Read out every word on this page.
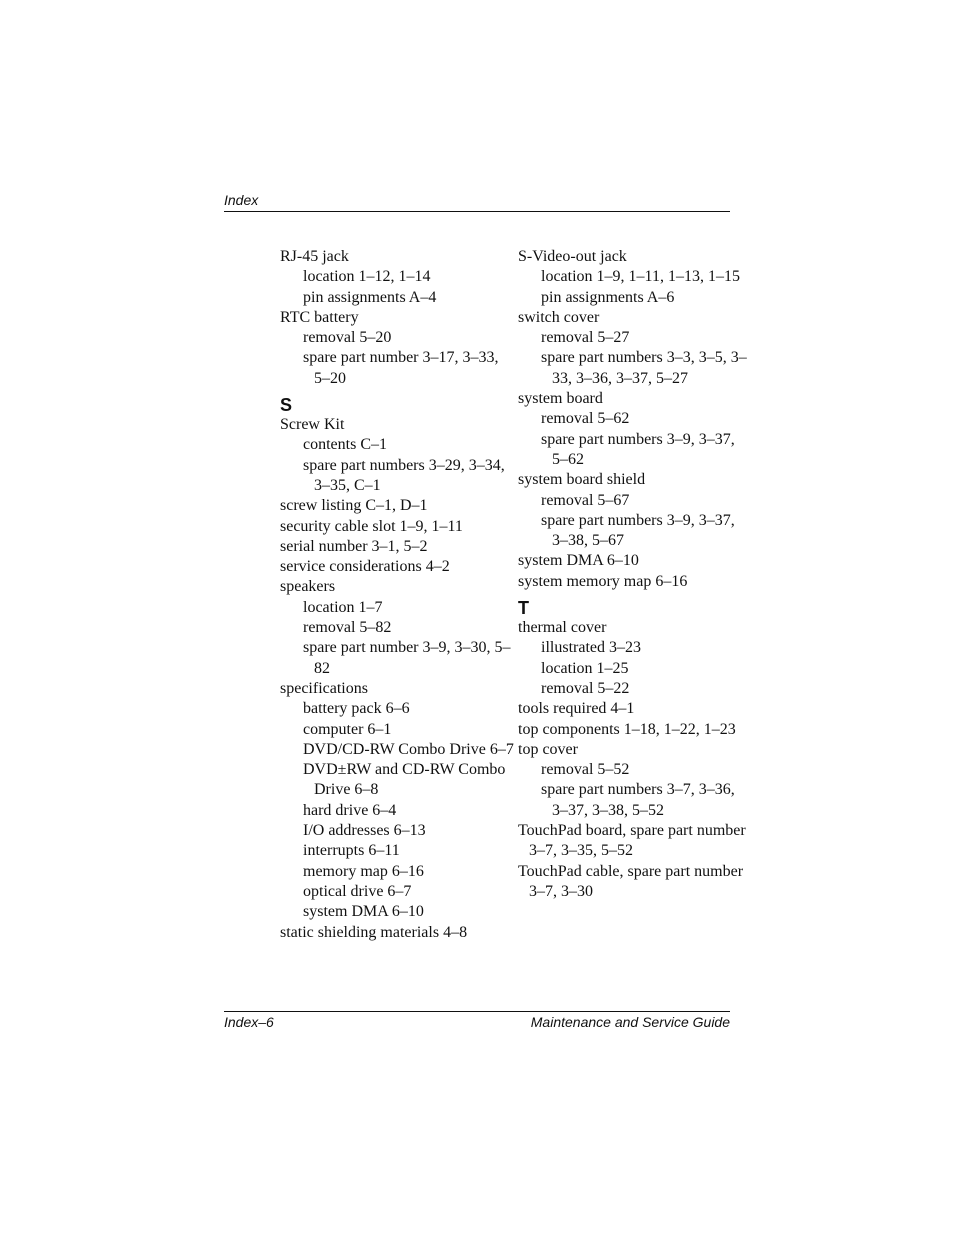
Index

RJ-45 jack

location 1–12, 1–14

pin assignments A–4

RTC battery

removal 5–20

spare part number 3–17, 3–33, 5–20

S

Screw Kit

contents C–1

spare part numbers 3–29, 3–34, 3–35, C–1

screw listing C–1, D–1

security cable slot 1–9, 1–11

serial number 3–1, 5–2

service considerations 4–2

speakers

location 1–7

removal 5–82

spare part number 3–9, 3–30, 5–82

specifications

battery pack 6–6

computer 6–1

DVD/CD-RW Combo Drive 6–7

DVD±RW and CD-RW Combo Drive 6–8

hard drive 6–4

I/O addresses 6–13

interrupts 6–11

memory map 6–16

optical drive 6–7

system DMA 6–10

static shielding materials 4–8

S-Video-out jack

location 1–9, 1–11, 1–13, 1–15

pin assignments A–6

switch cover

removal 5–27

spare part numbers 3–3, 3–5, 3–33, 3–36, 3–37, 5–27

system board

removal 5–62

spare part numbers 3–9, 3–37, 5–62

system board shield

removal 5–67

spare part numbers 3–9, 3–37, 3–38, 5–67

system DMA 6–10

system memory map 6–16

T

thermal cover

illustrated 3–23

location 1–25

removal 5–22

tools required 4–1

top components 1–18, 1–22, 1–23

top cover

removal 5–52

spare part numbers 3–7, 3–36, 3–37, 3–38, 5–52

TouchPad board, spare part number 3–7, 3–35, 5–52

TouchPad cable, spare part number 3–7, 3–30

Index–6	Maintenance and Service Guide
